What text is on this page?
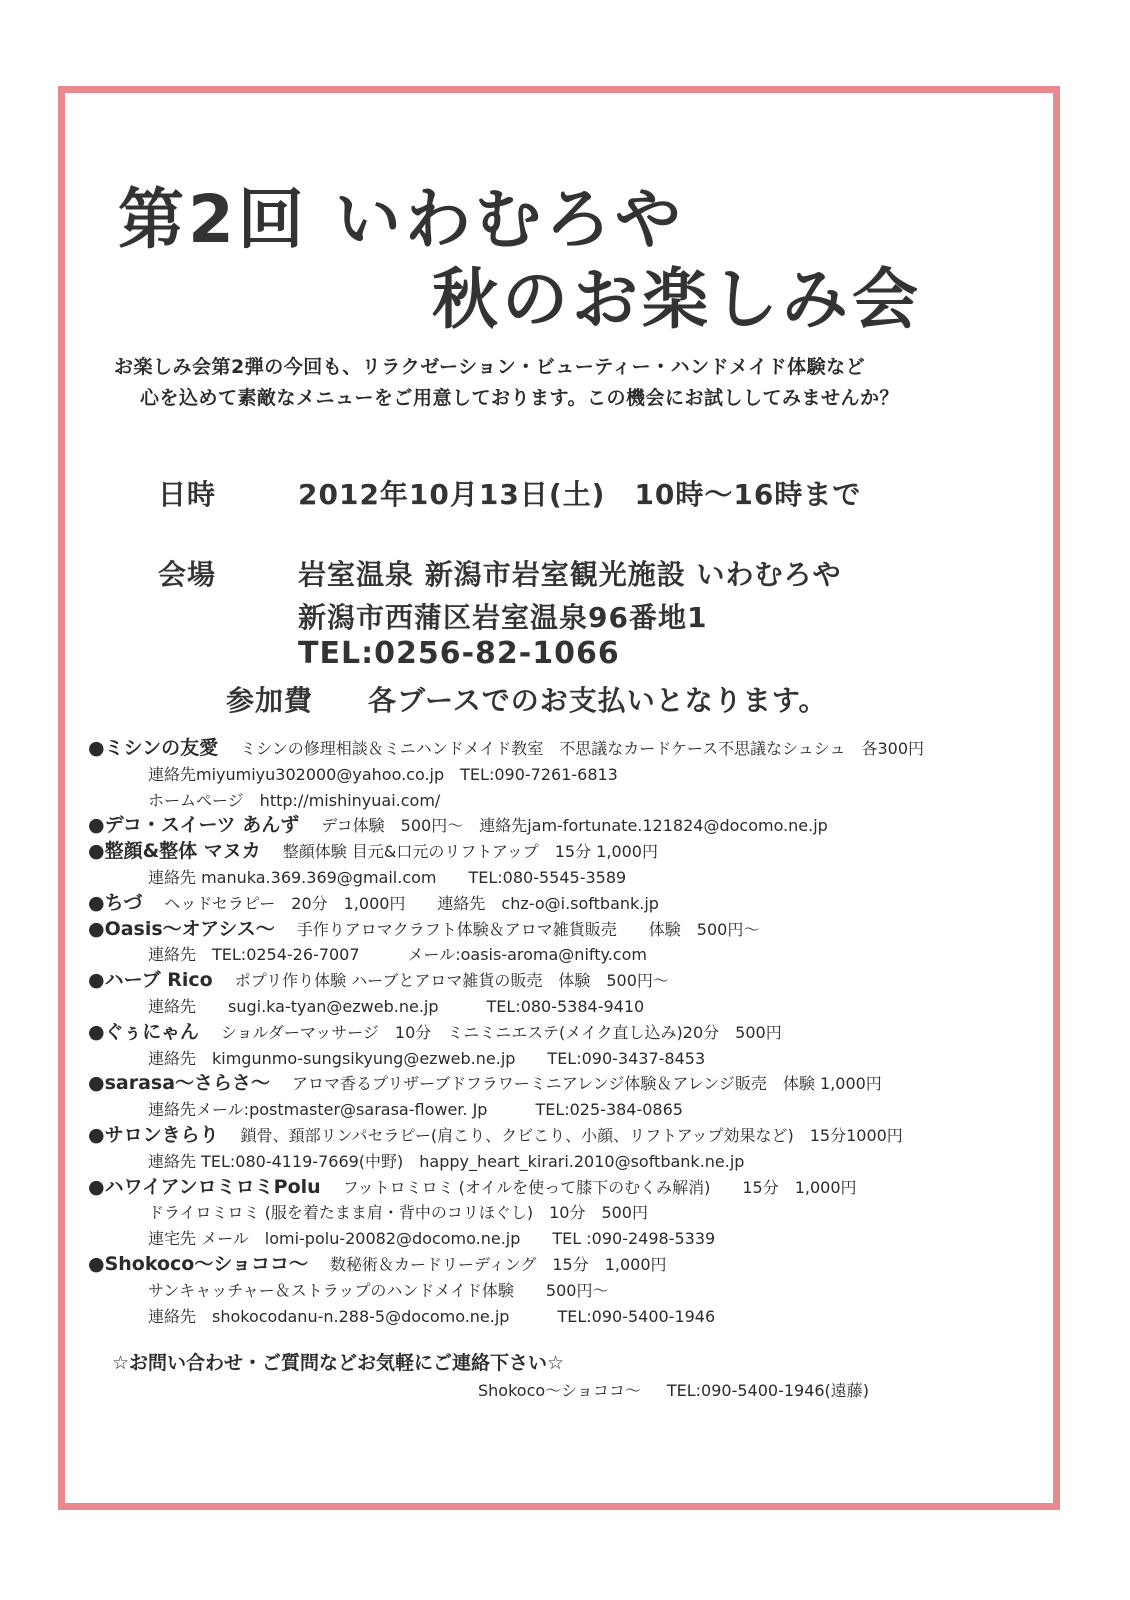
第2回 いわむろや
秋のお楽しみ会
お楽しみ会第2弾の今回も、リラクゼーション・ビューティー・ハンドメイド体験など
心を込めて素敵なメニューをご用意しております。この機会にお試ししてみませんか？
日時	2012年10月13日(土)　10時～16時まで
会場	岩室温泉 新潟市岩室観光施設 いわむろや
新潟市西蒲区岩室温泉96番地1
TEL:0256-82-1066
参加費 各ブースでのお支払いとなります。
●ミシンの友愛 ミシンの修理相談＆ミニハンドメイド教室　不思議なカードケース不思議なシュシュ　各300円
連絡先miyumiyu302000@yahoo.co.jp　TEL:090-7261-6813
ホームページ　http://mishinyuai.com/
●デコ・スイーツ あんず デコ体験　500円～　連絡先jam-fortunate.121824@docomo.ne.jp
●整顔&整体 マヌカ 整顔体験 目元&口元のリフトアップ　15分 1,000円
連絡先 manuka.369.369@gmail.com　　TEL:080-5545-3589
●ちづ ヘッドセラピー　20分　1,000円　　連絡先　chz-o@i.softbank.jp
●Oasis～オアシス～ 手作りアロマクラフト体験＆アロマ雑貨販売　　体験　500円～
連絡先　TEL:0254-26-7007　　　メール:oasis-aroma@nifty.com
●ハーブ Rico ポプリ作り体験 ハーブとアロマ雑貨の販売　体験　500円～
連絡先　　sugi.ka-tyan@ezweb.ne.jp　　　TEL:080-5384-9410
●ぐぅにゃん ショルダーマッサージ　10分　ミニミニエステ(メイク直し込み)20分　500円
連絡先　kimgunmo-sungsikyung@ezweb.ne.jp　　TEL:090-3437-8453
●sarasa～さらさ～ アロマ香るプリザーブドフラワーミニアレンジ体験＆アレンジ販売　体験 1,000円
連絡先メール:postmaster@sarasa-flower. Jp　　　TEL:025-384-0865
●サロンきらり 鎖骨、頚部リンパセラピー(肩こり、クビこり、小顔、リフトアップ効果など)　15分1000円
連絡先 TEL:080-4119-7669(中野)　happy_heart_kirari.2010@softbank.ne.jp
●ハワイアンロミロミPolu フットロミロミ (オイルを使って膝下のむくみ解消)　　15分　1,000円
ドライロミロミ (服を着たまま肩・背中のコリほぐし)　10分　500円
連宅先 メール　lomi-polu-20082@docomo.ne.jp　　TEL :090-2498-5339
●Shokoco～ショココ～ 数秘術＆カードリーディング　15分　1,000円
サンキャッチャー＆ストラップのハンドメイド体験　　500円～
連絡先　shokocodanu-n.288-5@docomo.ne.jp　　　TEL:090-5400-1946
☆お問い合わせ・ご質問などお気軽にご連絡下さい☆
Shokoco～ショココ～ TEL:090-5400-1946(遠藤)
